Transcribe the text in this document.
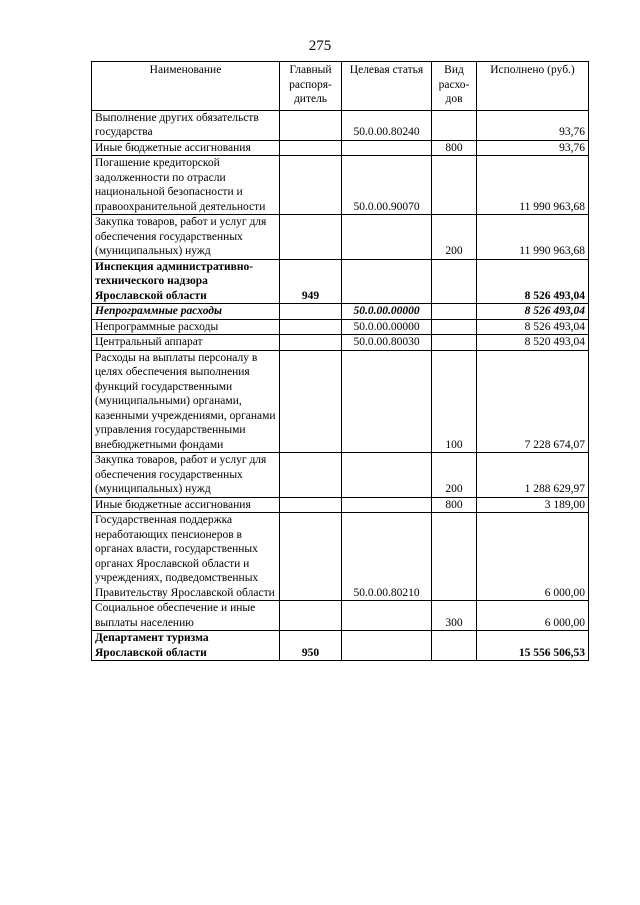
275
Наименование	Главный распоря-дитель	Целевая статья	Вид расхо-дов	Исполнено (руб.)
Выполнение других обязательств государства		50.0.00.80240		93,76
Иные бюджетные ассигнования			800	93,76
Погашение кредиторской задолженности по отрасли национальной безопасности и правоохранительной деятельности		50.0.00.90070		11 990 963,68
Закупка товаров, работ и услуг для обеспечения государственных (муниципальных) нужд			200	11 990 963,68
Инспекция административно-технического надзора Ярославской области	949			8 526 493,04
Непрограммные расходы		50.0.00.00000		8 526 493,04
Непрограммные расходы		50.0.00.00000		8 526 493,04
Центральный аппарат		50.0.00.80030		8 520 493,04
Расходы на выплаты персоналу в целях обеспечения выполнения функций государственными (муниципальными) органами, казенными учреждениями, органами управления государственными внебюджетными фондами			100	7 228 674,07
Закупка товаров, работ и услуг для обеспечения государственных (муниципальных) нужд			200	1 288 629,97
Иные бюджетные ассигнования			800	3 189,00
Государственная поддержка неработающих пенсионеров в органах власти, государственных органах Ярославской области и учреждениях, подведомственных Правительству Ярославской области		50.0.00.80210		6 000,00
Социальное обеспечение и иные выплаты населению			300	6 000,00
Департамент туризма Ярославской области	950			15 556 506,53
